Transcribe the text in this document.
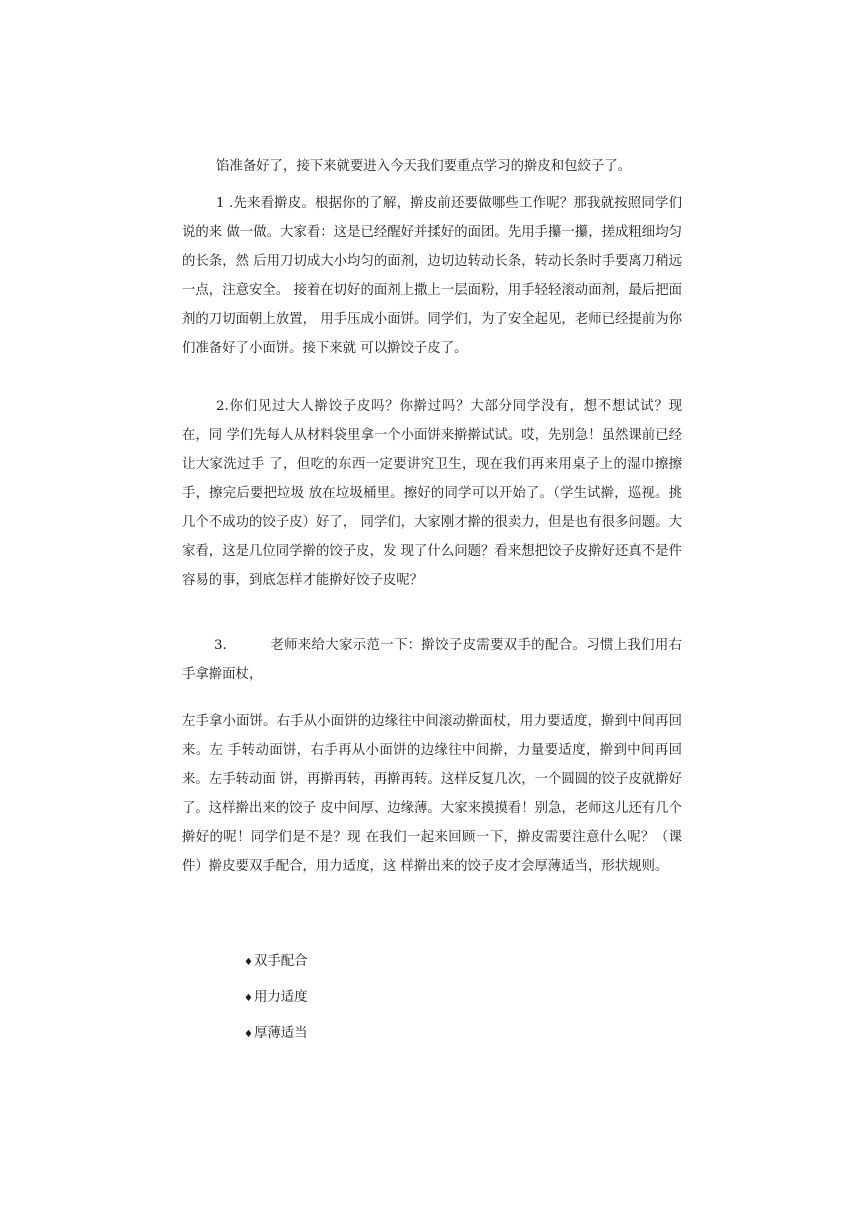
馅准备好了，接下来就要进入今天我们要重点学习的擀皮和包絞子了。

1 .先来看擀皮。根据你的了解，擀皮前还要做哪些工作呢？那我就按照同学们说的来 做一做。大家看：这是已经醒好并揉好的面团。先用手攥一攥，搓成粗细均匀的长条，然 后用刀切成大小均匀的面剂，边切边转动长条，转动长条时手要离刀稍远一点，注意安全。 接着在切好的面剂上撒上一层面粉，用手轻轻滚动面剂，最后把面剂的刀切面朝上放置， 用手压成小面饼。同学们，为了安全起见，老师已经提前为你们准备好了小面饼。接下来就 可以擀饺子皮了。

2.你们见过大人擀饺子皮吗？你擀过吗？大部分同学没有，想不想试试？现在，同 学们先每人从材料袋里拿一个小面饼来擀擀试试。哎，先别急！虽然课前已经让大家洗过手 了，但吃的东西一定要讲究卫生，现在我们再来用桌子上的湿巾擦擦手，擦完后要把垃圾 放在垃圾桶里。擦好的同学可以开始了。（学生试擀，巡视。挑几个不成功的饺子皮）好了， 同学们，大家刚才擀的很卖力，但是也有很多问题。大家看，这是几位同学擀的饺子皮，发 现了什么问题？看来想把饺子皮擀好还真不是件容易的事，到底怎样才能擀好饺子皮呢？

3.	老师来给大家示范一下：擀饺子皮需要双手的配合。习惯上我们用右手拿擀面杖，

左手拿小面饼。右手从小面饼的边缘往中间滚动擀面杖，用力要适度，擀到中间再回来。左 手转动面饼，右手再从小面饼的边缘往中间擀，力量要适度，擀到中间再回来。左手转动面 饼，再擀再转，再擀再转。这样反复几次，一个圆圆的饺子皮就擀好了。这样擀出来的饺子 皮中间厚、边缘薄。大家来摸摸看！别急，老师这儿还有几个擀好的呢！同学们是不是？现 在我们一起来回顾一下，擀皮需要注意什么呢？（课件）擀皮要双手配合，用力适度，这 样擀出来的饺子皮才会厚薄适当，形状规则。

♦双手配合
♦用力适度
♦厚薄适当
